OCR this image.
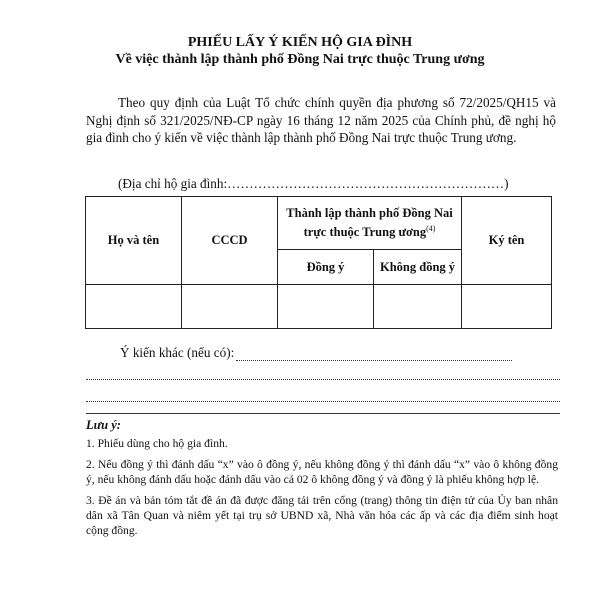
PHIẾU LẤY Ý KIẾN HỘ GIA ĐÌNH
Về việc thành lập thành phố Đồng Nai trực thuộc Trung ương
Theo quy định của Luật Tổ chức chính quyền địa phương số 72/2025/QH15 và Nghị định số 321/2025/NĐ-CP ngày 16 tháng 12 năm 2025 của Chính phủ, đề nghị hộ gia đình cho ý kiến về việc thành lập thành phố Đồng Nai trực thuộc Trung ương.
(Địa chỉ hộ gia đình:………………………………………………………)
Họ và tên	CCCD	Thành lập thành phố Đồng Nai trực thuộc Trung ương$^{(4)}$		Ký tên
		Đồng ý	Không đồng ý	

Ý kiến khác (nếu có):
Lưu ý:

1. Phiếu dùng cho hộ gia đình.

2. Nếu đồng ý thì đánh dấu “x” vào ô đồng ý, nếu không đồng ý thì đánh dấu “x” vào ô không đồng ý, nếu không đánh dấu hoặc đánh dấu vào cả 02 ô không đồng ý và đồng ý là phiếu không hợp lệ.

3. Đề án và bản tóm tắt đề án đã được đăng tải trên cổng (trang) thông tin điện tử của Ủy ban nhân dân xã Tân Quan và niêm yết tại trụ sở UBND xã, Nhà văn hóa các ấp và các địa điểm sinh hoạt cộng đồng.
